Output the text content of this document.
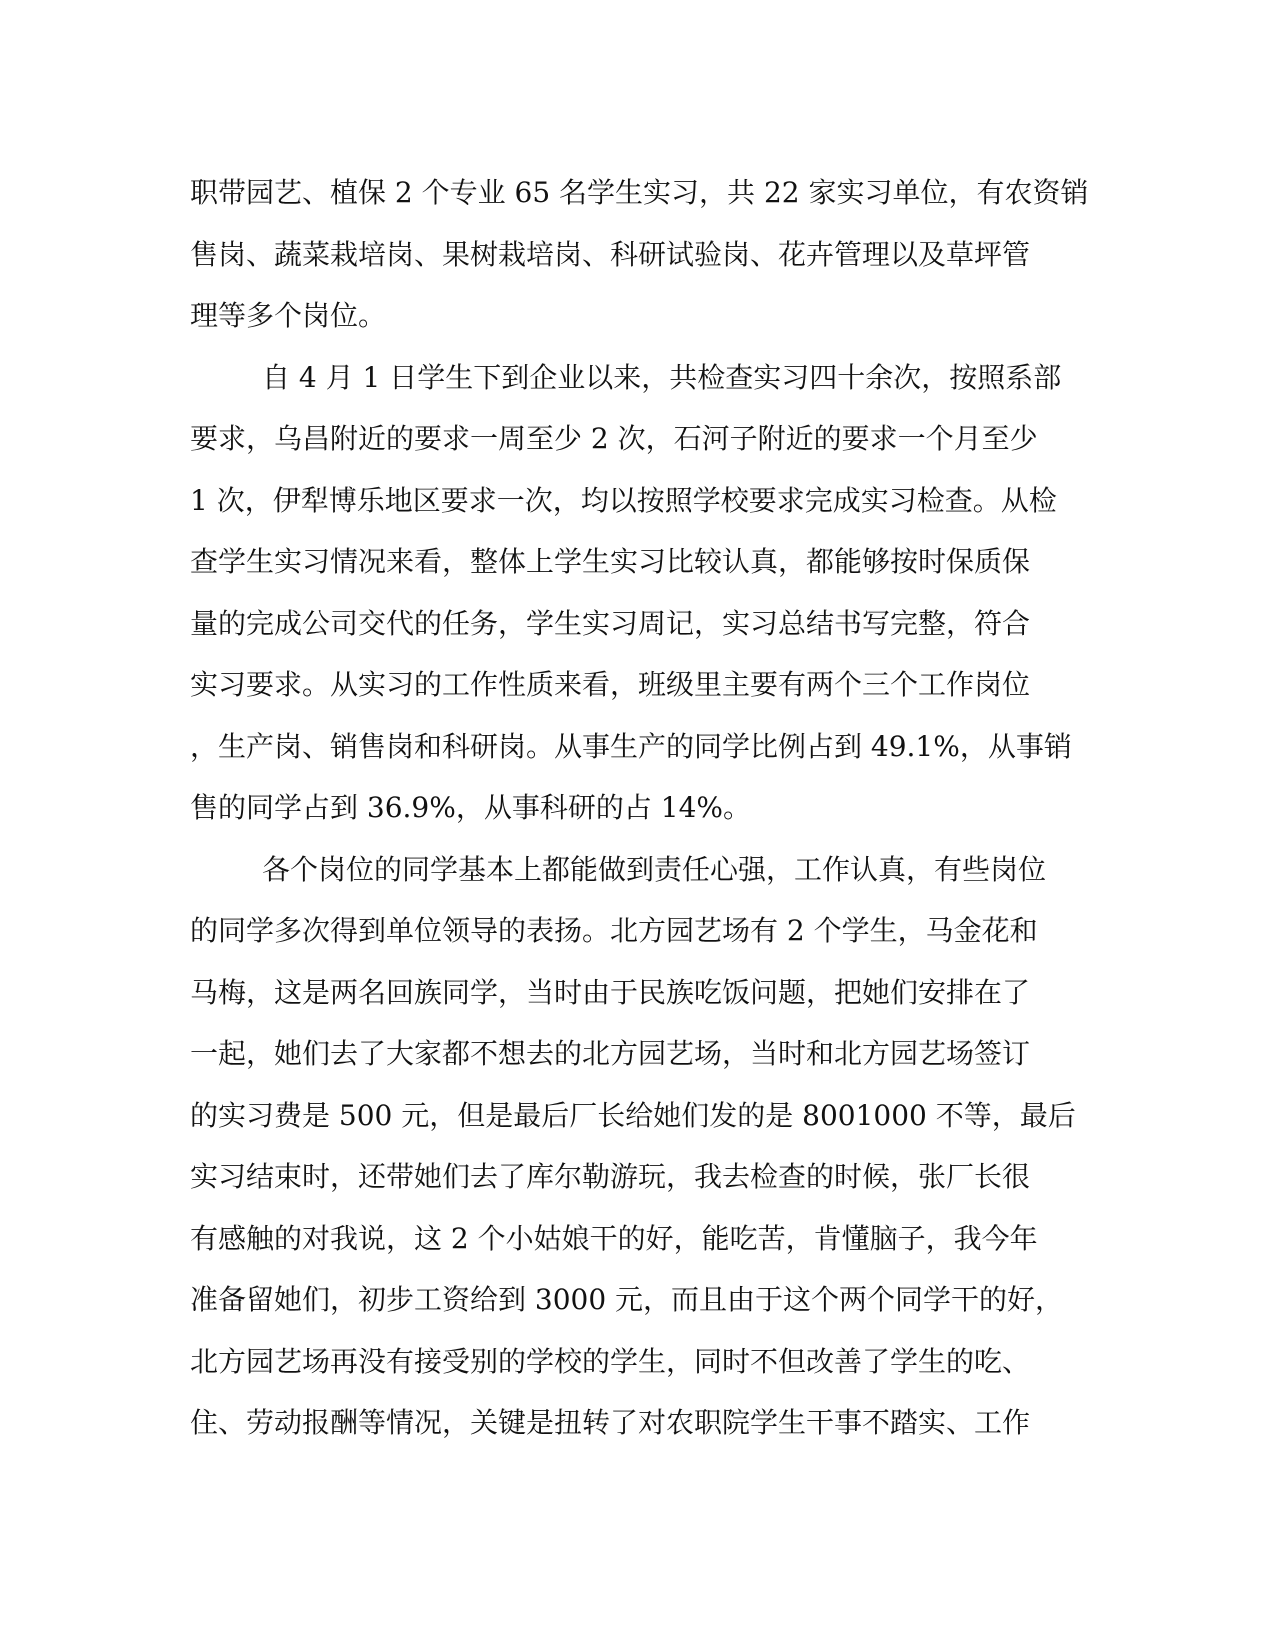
职带园艺、植保 2 个专业 65 名学生实习，共 22 家实习单位，有农资销
售岗、蔬菜栽培岗、果树栽培岗、科研试验岗、花卉管理以及草坪管
理等多个岗位。
自 4 月 1 日学生下到企业以来，共检查实习四十余次，按照系部
要求，乌昌附近的要求一周至少 2 次，石河子附近的要求一个月至少
1 次，伊犁博乐地区要求一次，均以按照学校要求完成实习检查。从检
查学生实习情况来看，整体上学生实习比较认真，都能够按时保质保
量的完成公司交代的任务，学生实习周记，实习总结书写完整，符合
实习要求。从实习的工作性质来看，班级里主要有两个三个工作岗位
，生产岗、销售岗和科研岗。从事生产的同学比例占到 49.1%，从事销
售的同学占到 36.9%，从事科研的占 14%。
各个岗位的同学基本上都能做到责任心强，工作认真，有些岗位
的同学多次得到单位领导的表扬。北方园艺场有 2 个学生，马金花和
马梅，这是两名回族同学，当时由于民族吃饭问题，把她们安排在了
一起，她们去了大家都不想去的北方园艺场，当时和北方园艺场签订
的实习费是 500 元，但是最后厂长给她们发的是 8001000 不等，最后
实习结束时，还带她们去了库尔勒游玩，我去检查的时候，张厂长很
有感触的对我说，这 2 个小姑娘干的好，能吃苦，肯懂脑子，我今年
准备留她们，初步工资给到 3000 元，而且由于这个两个同学干的好，
北方园艺场再没有接受别的学校的学生，同时不但改善了学生的吃、
住、劳动报酬等情况，关键是扭转了对农职院学生干事不踏实、工作
